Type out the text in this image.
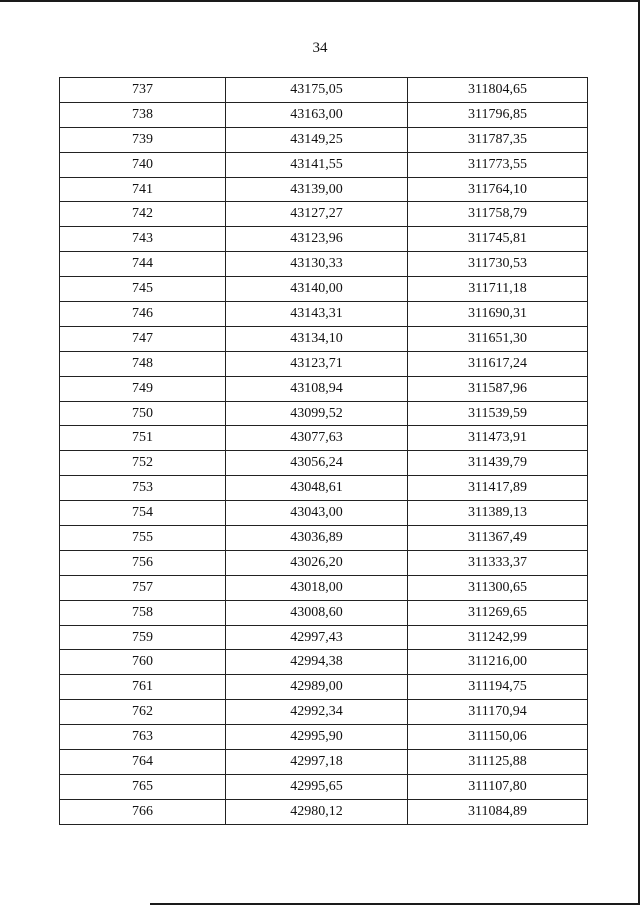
34
737	43175,05	311804,65
738	43163,00	311796,85
739	43149,25	311787,35
740	43141,55	311773,55
741	43139,00	311764,10
742	43127,27	311758,79
743	43123,96	311745,81
744	43130,33	311730,53
745	43140,00	311711,18
746	43143,31	311690,31
747	43134,10	311651,30
748	43123,71	311617,24
749	43108,94	311587,96
750	43099,52	311539,59
751	43077,63	311473,91
752	43056,24	311439,79
753	43048,61	311417,89
754	43043,00	311389,13
755	43036,89	311367,49
756	43026,20	311333,37
757	43018,00	311300,65
758	43008,60	311269,65
759	42997,43	311242,99
760	42994,38	311216,00
761	42989,00	311194,75
762	42992,34	311170,94
763	42995,90	311150,06
764	42997,18	311125,88
765	42995,65	311107,80
766	42980,12	311084,89
